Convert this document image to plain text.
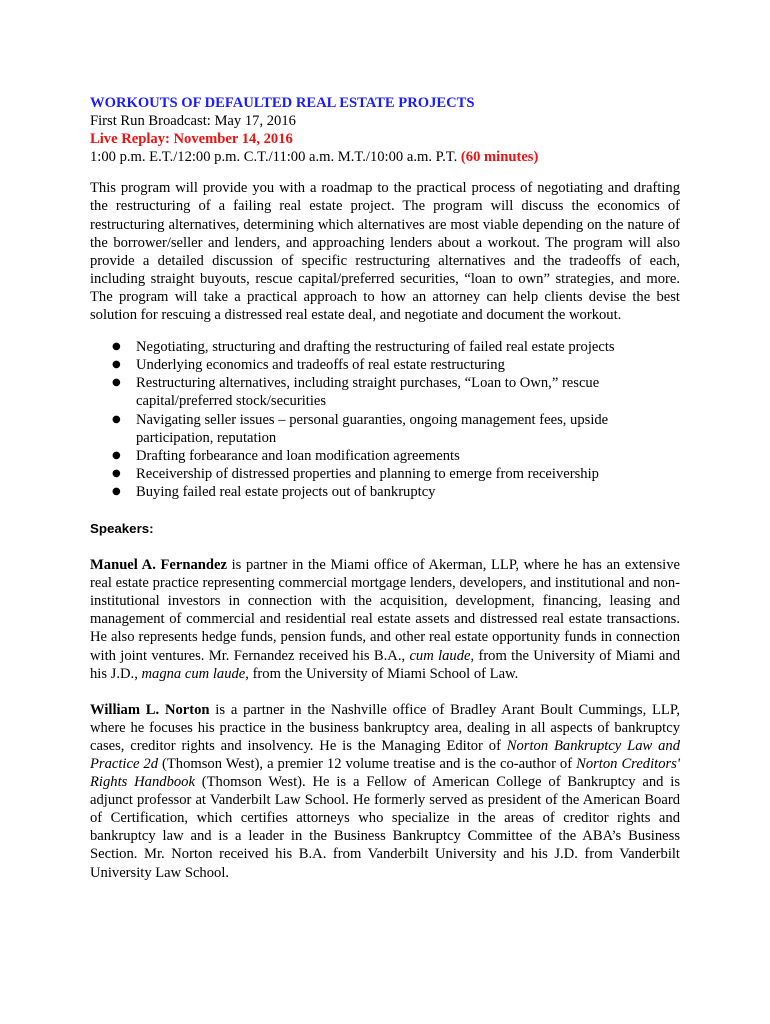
WORKOUTS OF DEFAULTED REAL ESTATE PROJECTS
First Run Broadcast: May 17, 2016
Live Replay: November 14, 2016
1:00 p.m. E.T./12:00 p.m. C.T./11:00 a.m. M.T./10:00 a.m. P.T. (60 minutes)

This program will provide you with a roadmap to the practical process of negotiating and drafting the restructuring of a failing real estate project. The program will discuss the economics of restructuring alternatives, determining which alternatives are most viable depending on the nature of the borrower/seller and lenders, and approaching lenders about a workout. The program will also provide a detailed discussion of specific restructuring alternatives and the tradeoffs of each, including straight buyouts, rescue capital/preferred securities, “loan to own” strategies, and more. The program will take a practical approach to how an attorney can help clients devise the best solution for rescuing a distressed real estate deal, and negotiate and document the workout.

● Negotiating, structuring and drafting the restructuring of failed real estate projects
● Underlying economics and tradeoffs of real estate restructuring
● Restructuring alternatives, including straight purchases, “Loan to Own,” rescue capital/preferred stock/securities
● Navigating seller issues – personal guaranties, ongoing management fees, upside participation, reputation
● Drafting forbearance and loan modification agreements
● Receivership of distressed properties and planning to emerge from receivership
● Buying failed real estate projects out of bankruptcy
Speakers:

Manuel A. Fernandez is partner in the Miami office of Akerman, LLP, where he has an extensive real estate practice representing commercial mortgage lenders, developers, and institutional and non-institutional investors in connection with the acquisition, development, financing, leasing and management of commercial and residential real estate assets and distressed real estate transactions. He also represents hedge funds, pension funds, and other real estate opportunity funds in connection with joint ventures. Mr. Fernandez received his B.A., cum laude, from the University of Miami and his J.D., magna cum laude, from the University of Miami School of Law.

William L. Norton is a partner in the Nashville office of Bradley Arant Boult Cummings, LLP, where he focuses his practice in the business bankruptcy area, dealing in all aspects of bankruptcy cases, creditor rights and insolvency. He is the Managing Editor of Norton Bankruptcy Law and Practice 2d (Thomson West), a premier 12 volume treatise and is the co-author of Norton Creditors' Rights Handbook (Thomson West). He is a Fellow of American College of Bankruptcy and is adjunct professor at Vanderbilt Law School. He formerly served as president of the American Board of Certification, which certifies attorneys who specialize in the areas of creditor rights and bankruptcy law and is a leader in the Business Bankruptcy Committee of the ABA’s Business Section. Mr. Norton received his B.A. from Vanderbilt University and his J.D. from Vanderbilt University Law School.
